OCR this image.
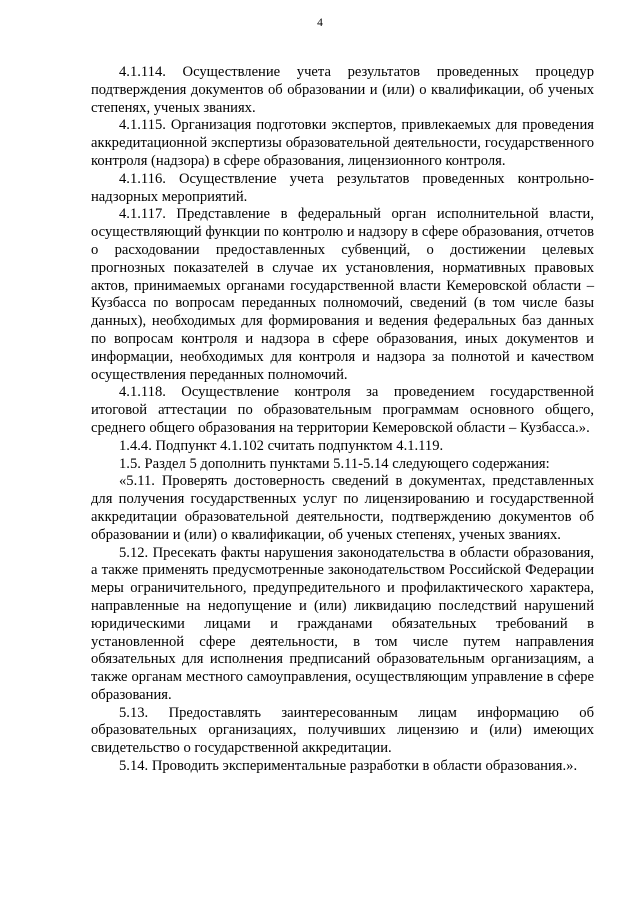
4

4.1.114. Осуществление учета результатов проведенных процедур подтверждения документов об образовании и (или) о квалификации, об ученых степенях, ученых званиях.

4.1.115. Организация подготовки экспертов, привлекаемых для проведения аккредитационной экспертизы образовательной деятельности, государственного контроля (надзора) в сфере образования, лицензионного контроля.

4.1.116. Осуществление учета результатов проведенных контрольно-надзорных мероприятий.

4.1.117. Представление в федеральный орган исполнительной власти, осуществляющий функции по контролю и надзору в сфере образования, отчетов о расходовании предоставленных субвенций, о достижении целевых прогнозных показателей в случае их установления, нормативных правовых актов, принимаемых органами государственной власти Кемеровской области – Кузбасса по вопросам переданных полномочий, сведений (в том числе базы данных), необходимых для формирования и ведения федеральных баз данных по вопросам контроля и надзора в сфере образования, иных документов и информации, необходимых для контроля и надзора за полнотой и качеством осуществления переданных полномочий.

4.1.118. Осуществление контроля за проведением государственной итоговой аттестации по образовательным программам основного общего, среднего общего образования на территории Кемеровской области – Кузбасса.».

1.4.4. Подпункт 4.1.102 считать подпунктом 4.1.119.

1.5. Раздел 5 дополнить пунктами 5.11-5.14 следующего содержания:

«5.11. Проверять достоверность сведений в документах, представленных для получения государственных услуг по лицензированию и государственной аккредитации образовательной деятельности, подтверждению документов об образовании и (или) о квалификации, об ученых степенях, ученых званиях.

5.12. Пресекать факты нарушения законодательства в области образования, а также применять предусмотренные законодательством Российской Федерации меры ограничительного, предупредительного и профилактического характера, направленные на недопущение и (или) ликвидацию последствий нарушений юридическими лицами и гражданами обязательных требований в установленной сфере деятельности, в том числе путем направления обязательных для исполнения предписаний образовательным организациям, а также органам местного самоуправления, осуществляющим управление в сфере образования.

5.13. Предоставлять заинтересованным лицам информацию об образовательных организациях, получивших лицензию и (или) имеющих свидетельство о государственной аккредитации.

5.14. Проводить экспериментальные разработки в области образования.».
